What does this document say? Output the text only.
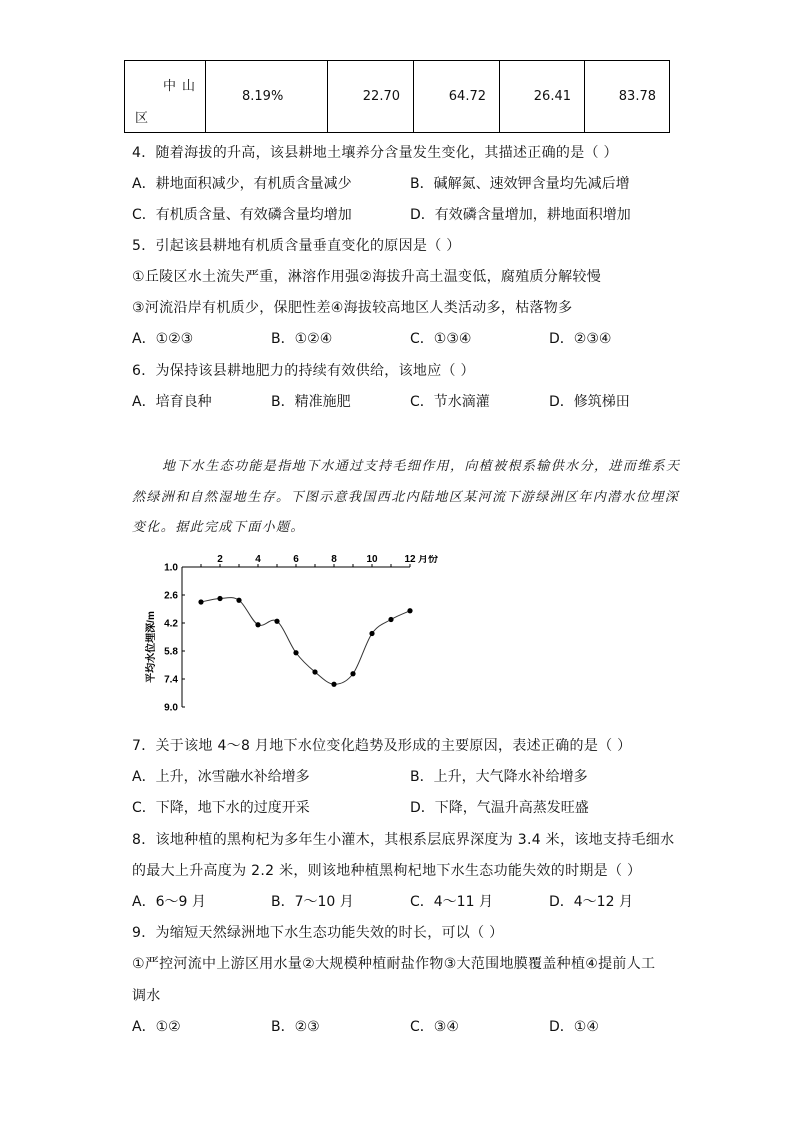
中山
区
	8.19%	22.70	64.72	26.41	83.78
4．随着海拔的升高，该县耕地土壤养分含量发生变化，其描述正确的是（ ）
A．耕地面积减少，有机质含量减少	B．碱解氮、速效钾含量均先减后增
C．有机质含量、有效磷含量均增加	D．有效磷含量增加，耕地面积增加
5．引起该县耕地有机质含量垂直变化的原因是（ ）
①丘陵区水土流失严重，淋溶作用强②海拔升高土温变低，腐殖质分解较慢
③河流沿岸有机质少，保肥性差④海拔较高地区人类活动多，枯落物多
A．①②③	B．①②④	C．①③④	D．②③④
6．为保持该县耕地肥力的持续有效供给，该地应（ ）
A．培育良种	B．精准施肥	C．节水滴灌	D．修筑梯田
地下水生态功能是指地下水通过支持毛细作用，向植被根系输供水分，进而维系天
然绿洲和自然湿地生存。下图示意我国西北内陆地区某河流下游绿洲区年内潜水位埋深
变化。据此完成下面小题。
2	4	6	8	10	12
1.0
2.6
4.2
5.8
7.4
9.0
月份
平均水位埋深/m
7．关于该地 4～8 月地下水位变化趋势及形成的主要原因，表述正确的是（ ）
A．上升，冰雪融水补给增多	B．上升，大气降水补给增多
C．下降，地下水的过度开采	D．下降，气温升高蒸发旺盛
8．该地种植的黑枸杞为多年生小灌木，其根系层底界深度为 3.4 米，该地支持毛细水
的最大上升高度为 2.2 米，则该地种植黑枸杞地下水生态功能失效的时期是（ ）
A．6～9 月	B．7～10 月	C．4～11 月	D．4～12 月
9．为缩短天然绿洲地下水生态功能失效的时长，可以（ ）
①严控河流中上游区用水量②大规模种植耐盐作物③大范围地膜覆盖种植④提前人工
调水
A．①②	B．②③	C．③④	D．①④
